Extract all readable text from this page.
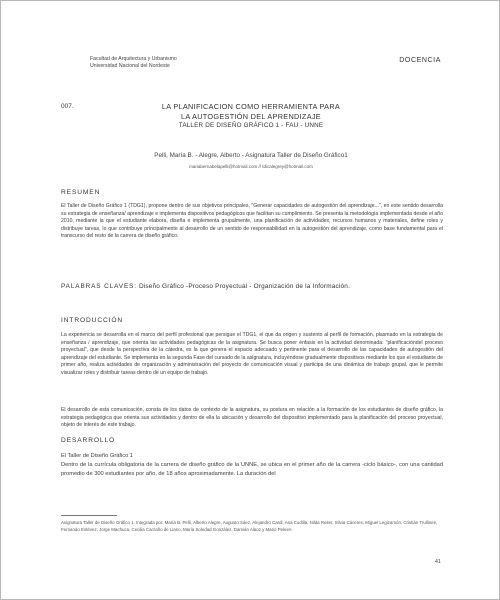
Facultad de Arquitectura y Urbanismo
Universidad Nacional del Nordeste
DOCENCIA
007.	LA PLANIFICACION COMO HERRAMIENTA PARA
LA AUTOGESTIÓN DEL APRENDIZAJE
TALLER DE DISEÑO GRÁFICO 1 - FAU - UNNE
Pelli, María B. - Alegre, Alberto - Asignatura Taller de Diseño Gráfico1
mariabernabelapelli@hotmail.com // tdicalegrey@hotmail.com
RESUMEN

El Taller de Diseño Gráfico 1 (TDG1), propone dentro de sus objetivos principales, "Generar capacidades de autogestión del aprendizaje...", en este sentido desarrolla su estrategia de enseñanza/ aprendizaje e implementa dispositivos pedagógicos que facilitan su cumplimiento. Se presenta la metodología implementada desde el año 2010, mediante la que el estudiante elabora, diseña e implementa grupalmente, una planificación de actividades, recursos humanos y materiales, define roles y distribuye tareas, lo que contribuye principalmente al desarrollo de un sentido de responsabilidad en la autogestión del aprendizaje, como base fundamental para el transcurso del resto de la carrera de diseño gráfico.

PALABRAS CLAVES: Diseño Gráfico -Proceso Proyectual - Organización de la Información.
INTRODUCCIÓN

La experiencia se desarrolla en el marco del perfil profesional que persigue el TDG1, el que da origen y sustento al perfil de formación, plasmado en la estrategia de enseñanza / aprendizaje, que orienta las actividades pedagógicas de la asignatura. Se busca poner énfasis en la actividad denominada: "planificacióndel proceso proyectual", que desde la perspectiva de la cátedra, es la que genera el espacio adecuado y pertinente para el desarrollo de las capacidades de autogestión del aprendizaje del estudiante. Se implementa en la segunda Fase del cursado de la asignatura, incluyéndose gradualmente dispositivos mediante los que el estudiante de primer año, realiza actividades de organización y administración del proyecto de comunicación visual y participa de una dinámica de trabajo grupal, que le permite visualizar roles y distribuir tareas dentro de un equipo de trabajo.

El desarrollo de esta comunicación, consta de los datos de contexto de la asignatura, su postura en relación a la formación de los estudiantes de diseño gráfico, la estrategia pedagógica que orienta sus actividades y dentro de ella la ubicación y desarrollo del dispositivo implementado para la planificación del proceso proyectual, objeto de interés de este trabajo.

DESARROLLO
El Taller de Diseño Gráfico 1
Dentro de la currícula obligatoria de la carrera de diseño gráfico de la UNNE, se ubica en el primer año de la carrera -ciclo básico-, con una cantidad promedio de 300 estudiantes por año, de 18 años aproximadamente. La duración del
Asignatura Taller de Diseño Gráfico 1. Integrada por: María B. Pelli, Alberto Alegre, Augusto Sáez, Alejandro Cardi, Ana Cudilla, Nilda Reiter, Silvia Cáceres, Miguel Legizamón, Cristián Trullinee, Fernando Estévez, Jorge Machuca, Cecilia Carzaño de Liano, María Soledad González, Damián Alaoz y Mario Peleen.
41
